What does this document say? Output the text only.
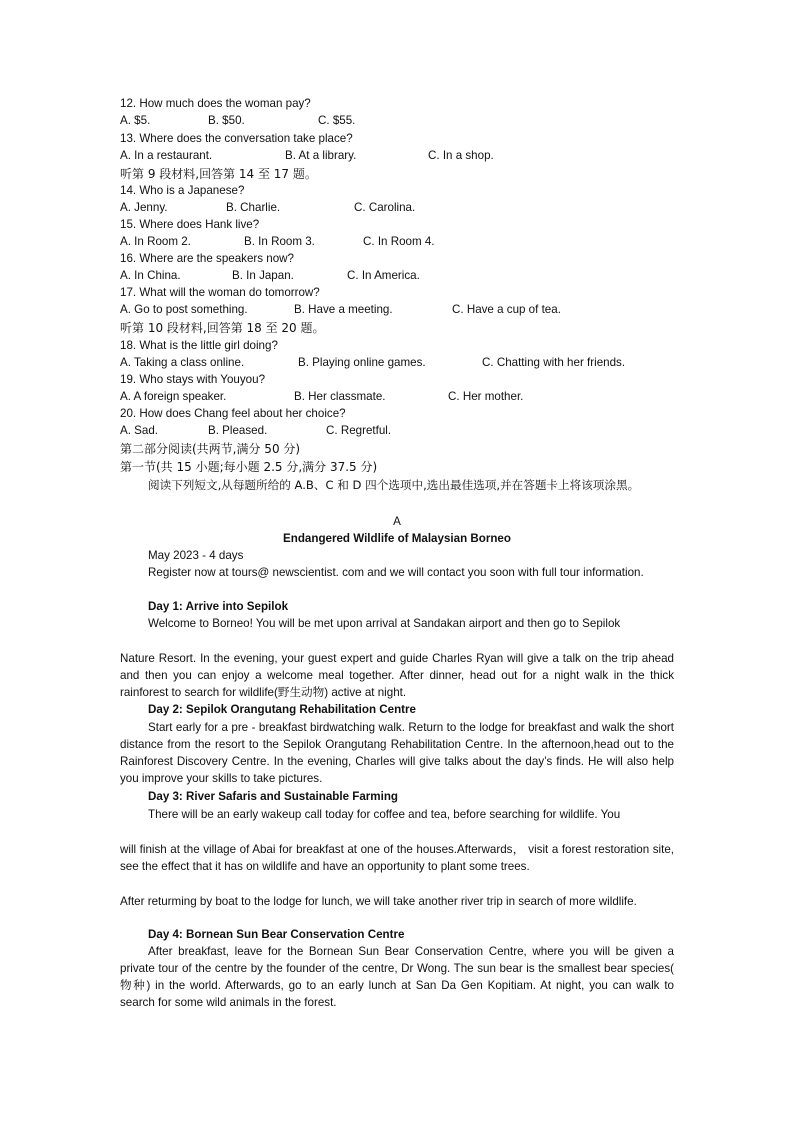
12. How much does the woman pay?
A. $5.	B. $50.	C. $55.
13. Where does the conversation take place?
A. In a restaurant.	B. At a library.	C. In a shop.
听第 9 段材料,回答第 14 至 17 题。
14. Who is a Japanese?
A. Jenny.	B. Charlie.	C. Carolina.
15. Where does Hank live?
A. In Room 2.	B. In Room 3.	C. In Room 4.
16. Where are the speakers now?
A. In China.	B. In Japan.	C. In America.
17. What will the woman do tomorrow?
A. Go to post something.	B. Have a meeting.	C. Have a cup of tea.
听第 10 段材料,回答第 18 至 20 题。
18. What is the little girl doing?
A. Taking a class online.	B. Playing online games.	C. Chatting with her friends.
19. Who stays with Youyou?
A. A foreign speaker.	B. Her classmate.	C. Her mother.
20. How does Chang feel about her choice?
A. Sad.	B. Pleased.	C. Regretful.
第二部分阅读(共两节,满分 50 分)
第一节(共 15 小题;每小题 2.5 分,满分 37.5 分)
阅读下列短文,从每题所给的 A.B、C 和 D 四个选项中,选出最佳选项,并在答题卡上将该项涂黑。
A
Endangered Wildlife of Malaysian Borneo
May 2023 - 4 days
Register now at tours@ newscientist. com and we will contact you soon with full tour information.
Day 1: Arrive into Sepilok
Welcome to Borneo! You will be met upon arrival at Sandakan airport and then go to Sepilok
Nature Resort. In the evening, your guest expert and guide Charles Ryan will give a talk on the trip ahead and then you can enjoy a welcome meal together. After dinner, head out for a night walk in the thick rainforest to search for wildlife(野生动物) active at night.
Day 2: Sepilok Orangutang Rehabilitation Centre
Start early for a pre - breakfast birdwatching walk. Return to the lodge for breakfast and walk the short distance from the resort to the Sepilok Orangutang Rehabilitation Centre. In the afternoon,head out to the Rainforest Discovery Centre. In the evening, Charles will give talks about the day’s finds. He will also help you improve your skills to take pictures.
Day 3: River Safaris and Sustainable Farming
There will be an early wakeup call today for coffee and tea, before searching for wildlife. You
will finish at the village of Abai for breakfast at one of the houses.Afterwards， visit a forest restoration site, see the effect that it has on wildlife and have an opportunity to plant some trees.
After returming by boat to the lodge for lunch, we will take another river trip in search of more wildlife.
Day 4: Bornean Sun Bear Conservation Centre
After breakfast, leave for the Bornean Sun Bear Conservation Centre, where you will be given a private tour of the centre by the founder of the centre, Dr Wong. The sun bear is the smallest bear species( 物种) in the world. Afterwards, go to an early lunch at San Da Gen Kopitiam. At night, you can walk to search for some wild animals in the forest.
